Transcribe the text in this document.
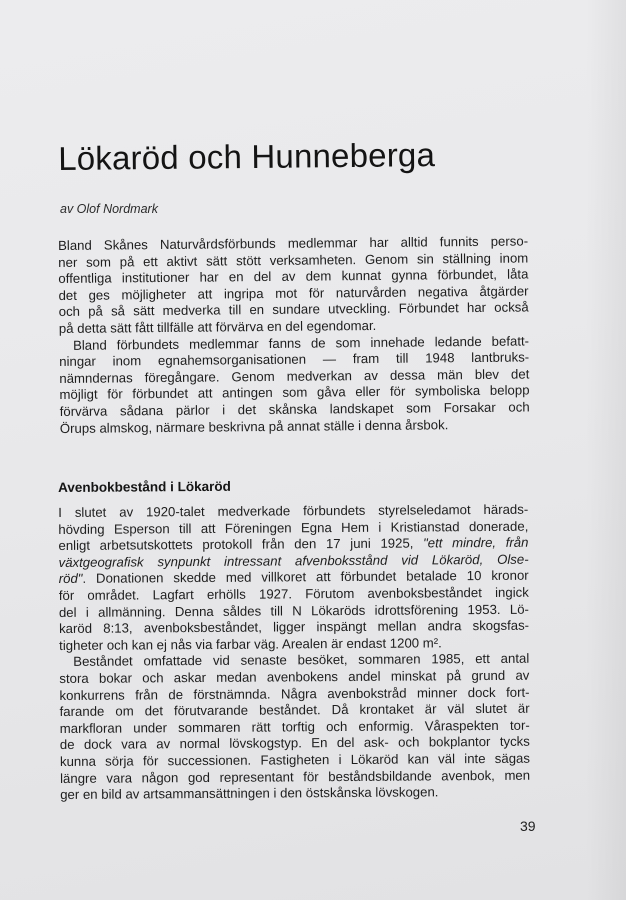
Lökaröd och Hunneberga
av Olof Nordmark

Bland Skånes Naturvårdsförbunds medlemmar har alltid funnits perso-
ner som på ett aktivt sätt stött verksamheten. Genom sin ställning inom
offentliga institutioner har en del av dem kunnat gynna förbundet, låta
det ges möjligheter att ingripa mot för naturvården negativa åtgärder
och på så sätt medverka till en sundare utveckling. Förbundet har också
på detta sätt fått tillfälle att förvärva en del egendomar.

Bland förbundets medlemmar fanns de som innehade ledande befatt-
ningar inom egnahemsorganisationen — fram till 1948 lantbruks-
nämndernas föregångare. Genom medverkan av dessa män blev det
möjligt för förbundet att antingen som gåva eller för symboliska belopp
förvärva sådana pärlor i det skånska landskapet som Forsakar och
Örups almskog, närmare beskrivna på annat ställe i denna årsbok.

Avenbokbestånd i Lökaröd

I slutet av 1920-talet medverkade förbundets styrelseledamot härads-
hövding Esperson till att Föreningen Egna Hem i Kristianstad donerade,
enligt arbetsutskottets protokoll från den 17 juni 1925, "ett mindre, från
växtgeografisk synpunkt intressant afvenboksstånd vid Lökaröd, Olse-
röd". Donationen skedde med villkoret att förbundet betalade 10 kronor
för området. Lagfart erhölls 1927. Förutom avenboksbeståndet ingick
del i allmänning. Denna såldes till N Lökaröds idrottsförening 1953. Lö-
karöd 8:13, avenboksbeståndet, ligger inspängt mellan andra skogsfas-
tigheter och kan ej nås via farbar väg. Arealen är endast 1200 m².

Beståndet omfattade vid senaste besöket, sommaren 1985, ett antal
stora bokar och askar medan avenbokens andel minskat på grund av
konkurrens från de förstnämnda. Några avenbokstråd minner dock fort-
farande om det förutvarande beståndet. Då krontaket är väl slutet är
markfloran under sommaren rätt torftig och enformig. Våraspekten tor-
de dock vara av normal lövskogstyp. En del ask- och bokplantor tycks
kunna sörja för successionen. Fastigheten i Lökaröd kan väl inte sägas
längre vara någon god representant för beståndsbildande avenbok, men
ger en bild av artsammansättningen i den östskånska lövskogen.

39
